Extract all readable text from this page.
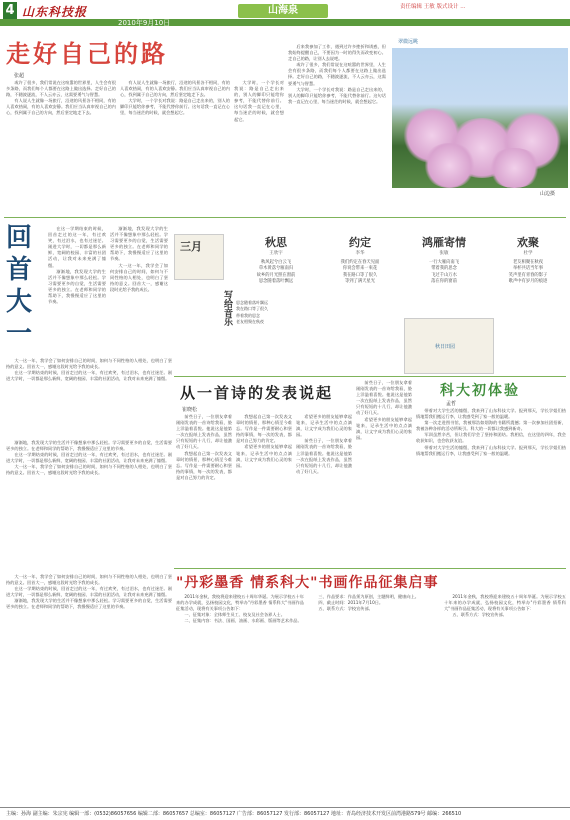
4 山东科技报
2010年9月10日
山海泉	责任编辑 王敏 版式设计 ...
走好自己的路
张超

或许了很多，我们常说在这喧嚣的世界里，人生会有很多条路，而我们每个人都要在这路上做出选择。走好自己的路，不随波逐流，不人云亦云，这需要勇气与智慧。

有人说人生就像一场旅行，沿途的风景各不相同，有的人喜欢热闹，有的人喜欢安静。我们应当认真审视自己的内心，找到属于自己的方向，然后坚定地走下去。

有人说人生就像一场旅行，沿途的风景各不相同，有的人喜欢热闹，有的人喜欢安静。我们应当认真审视自己的内心，找到属于自己的方向，然后坚定地走下去。

大学时，一个学长对我说：路是自己走出来的，别人的脚印只能给你参考，不能代替你前行。这句话我一直记在心里，每当迷茫的时候，就会想起它。

大学时，一个学长对我说：路是自己走出来的，别人的脚印只能给你参考，不能代替你前行。这句话我一直记在心里，每当迷茫的时候，就会想起它。

后来我参加了工作，遇到过许多挫折和诱惑，但我始终提醒自己，不要因为一时的得失而改变初心。走自己的路，让别人去说吧。

或许了很多，我们常说在这喧嚣的世界里，人生会有很多条路，而我们每个人都要在这路上做出选择。走好自己的路，不随波逐流，不人云亦云，这需要勇气与智慧。

大学时，一个学长对我说：路是自己走出来的，别人的脚印只能给你参考，不能代替你前行。这句话我一直记在心里，每当迷茫的时候，就会想起它。

翠微远眺
山边摄
回首大一

在这一学期结束的时候，回首走过的这一年，有过欢笑，有过泪水，也有过迷茫。刚进大学时，一切都是那么新鲜，宽阔的校园、丰富的社团活动，让我对未来充满了憧憬。

渐渐地，我发现大学的生活并不像想象中那么轻松。学习需要更多的自觉，生活需要更多的独立。在老师和同学的帮助下，我慢慢适应了这里的节奏。

渐渐地，我发现大学的生活并不像想象中那么轻松。学习需要更多的自觉，生活需要更多的独立。在老师和同学的帮助下，我慢慢适应了这里的节奏。

大一这一年，我学会了如何安排自己的时间，如何与不同性格的人相处，也明白了坚持的意义。回首大一，感谢这段时光给予我的成长。

大一这一年，我学会了如何安排自己的时间，如何与不同性格的人相处，也明白了坚持的意义。回首大一，感谢这段时光给予我的成长。

在这一学期结束的时候，回首走过的这一年，有过欢笑，有过泪水，也有过迷茫。刚进大学时，一切都是那么新鲜，宽阔的校园、丰富的社团活动，让我对未来充满了憧憬。

渐渐地，我发现大学的生活并不像想象中那么轻松。学习需要更多的自觉，生活需要更多的独立。在老师和同学的帮助下，我慢慢适应了这里的节奏。

在这一学期结束的时候，回首走过的这一年，有过欢笑，有过泪水，也有过迷茫。刚进大学时，一切都是那么新鲜，宽阔的校园、丰富的社团活动，让我对未来充满了憧憬。

大一这一年，我学会了如何安排自己的时间，如何与不同性格的人相处，也明白了坚持的意义。回首大一，感谢这段时光给予我的成长。

三月
写给音乐
秋思
王欣宇
秋风起兮白云飞
草木黄落兮雁南归
故乡的月光照在窗前
思念随着落叶飘远
约定
李华
我们约定在春天见面
你说会带来一束花
我在路口等了很久
等到了满天星光
鸿雁寄情
张敏
一行大雁向南飞
带着我的思念
飞过千山万水
落在你的窗前
欢聚
杜学
老友相聚在秋夜
举杯共话当年事
笑声里有青春的影子
歌声中有岁月的痕迹
秋日田园
思念随着落叶飘远
我在路口等了很久
带着我的思念
老友相聚在秋夜
从一首诗的发表说起
崔晓松

前些日子，一位朋友拿着刚刚发表的一首诗给我看，脸上洋溢着喜悦。他说这是他第一次在报纸上发表作品，虽然只有短短的十几行，却让他激动了好几天。

我想起自己第一次发表文章时的情景，那种心情至今难忘。写作是一件需要耐心和坚持的事情，每一次的发表，都是对自己努力的肯定。

我想起自己第一次发表文章时的情景，那种心情至今难忘。写作是一件需要耐心和坚持的事情，每一次的发表，都是对自己努力的肯定。

希望更多的朋友能够拿起笔来，记录生活中的点点滴滴，让文字成为我们心灵的家园。

希望更多的朋友能够拿起笔来，记录生活中的点点滴滴，让文字成为我们心灵的家园。

前些日子，一位朋友拿着刚刚发表的一首诗给我看，脸上洋溢着喜悦。他说这是他第一次在报纸上发表作品，虽然只有短短的十几行，却让他激动了好几天。

前些日子，一位朋友拿着刚刚发表的一首诗给我看，脸上洋溢着喜悦。他说这是他第一次在报纸上发表作品，虽然只有短短的十几行，却让他激动了好几天。

希望更多的朋友能够拿起笔来，记录生活中的点点滴滴，让文字成为我们心灵的家园。

科大初体验
孟哲

带着对大学生活的憧憬，我来到了山东科技大学。报到那天，学长学姐们热情地帮我们搬运行李，让我感受到了家一般的温暖。

第一次走进图书馆，我被那浩如烟海的书籍所震撼；第一次参加社团招新，我被各种各样的活动所吸引。科大的一切都让我感到新奇。

军训虽然辛苦，但让我们学会了坚持和团结。我相信，在这里的四年，我会收获知识，也会收获友谊。

带着对大学生活的憧憬，我来到了山东科技大学。报到那天，学长学姐们热情地帮我们搬运行李，让我感受到了家一般的温暖。

"丹彩墨香 情系科大"书画作品征集启事

2011年金秋，我校将迎来建校五十周年华诞。为展示学校五十年来的办学成就，弘扬校园文化，特举办"丹彩墨香 情系科大"书画作品征集活动，现将有关事项公告如下：

一、征集对象：全体师生员工、校友及社会各界人士。

二、征集内容：书法、国画、油画、水彩画、版画等艺术作品。

三、作品要求：作品须为原创，主题鲜明，健康向上。

四、截止时间：2011年7月10日。

五、联系方式：学校宣传部。

2011年金秋，我校将迎来建校五十周年华诞。为展示学校五十年来的办学成就，弘扬校园文化，特举办"丹彩墨香 情系科大"书画作品征集活动，现将有关事项公告如下：

五、联系方式：学校宣传部。

大一这一年，我学会了如何安排自己的时间，如何与不同性格的人相处，也明白了坚持的意义。回首大一，感谢这段时光给予我的成长。

在这一学期结束的时候，回首走过的这一年，有过欢笑，有过泪水，也有过迷茫。刚进大学时，一切都是那么新鲜，宽阔的校园、丰富的社团活动，让我对未来充满了憧憬。

渐渐地，我发现大学的生活并不像想象中那么轻松。学习需要更多的自觉，生活需要更多的独立。在老师和同学的帮助下，我慢慢适应了这里的节奏。

主编：孙海 副主编：朱宗宪 编辑一部：(0532)86057656 编辑二部：86057657 总编室：86057127 广告部：86057127 发行部：86057127 地址：青岛经济技术开发区前湾港路579号 邮编：266510
